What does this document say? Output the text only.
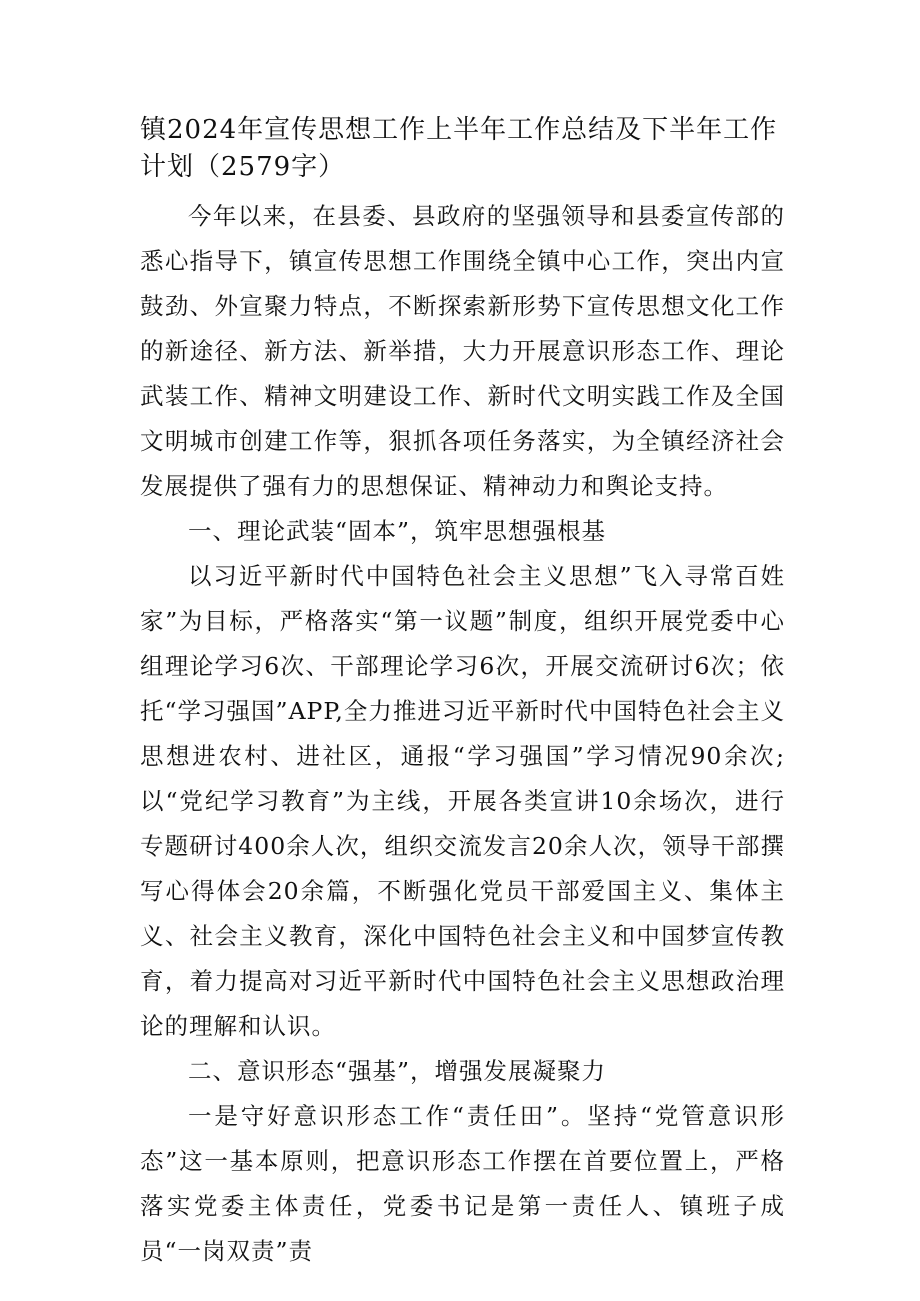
镇2024年宣传思想工作上半年工作总结及下半年工作计划（2579字）

今年以来，在县委、县政府的坚强领导和县委宣传部的悉心指导下，镇宣传思想工作围绕全镇中心工作，突出内宣鼓劲、外宣聚力特点，不断探索新形势下宣传思想文化工作的新途径、新方法、新举措，大力开展意识形态工作、理论武装工作、精神文明建设工作、新时代文明实践工作及全国文明城市创建工作等，狠抓各项任务落实，为全镇经济社会发展提供了强有力的思想保证、精神动力和舆论支持。

一、理论武装“固本”，筑牢思想强根基

以习近平新时代中国特色社会主义思想”飞入寻常百姓家”为目标，严格落实“第一议题”制度，组织开展党委中心组理论学习6次、干部理论学习6次，开展交流研讨6次；依托“学习强国”APP,全力推进习近平新时代中国特色社会主义思想进农村、进社区，通报“学习强国”学习情况90余次;以“党纪学习教育”为主线，开展各类宣讲10余场次，进行专题研讨400余人次，组织交流发言20余人次，领导干部撰写心得体会20余篇，不断强化党员干部爱国主义、集体主义、社会主义教育，深化中国特色社会主义和中国梦宣传教育，着力提高对习近平新时代中国特色社会主义思想政治理论的理解和认识。

二、意识形态“强基”，增强发展凝聚力

一是守好意识形态工作“责任田”。坚持“党管意识形态”这一基本原则，把意识形态工作摆在首要位置上，严格落实党委主体责任，党委书记是第一责任人、镇班子成员“一岗双责”责
